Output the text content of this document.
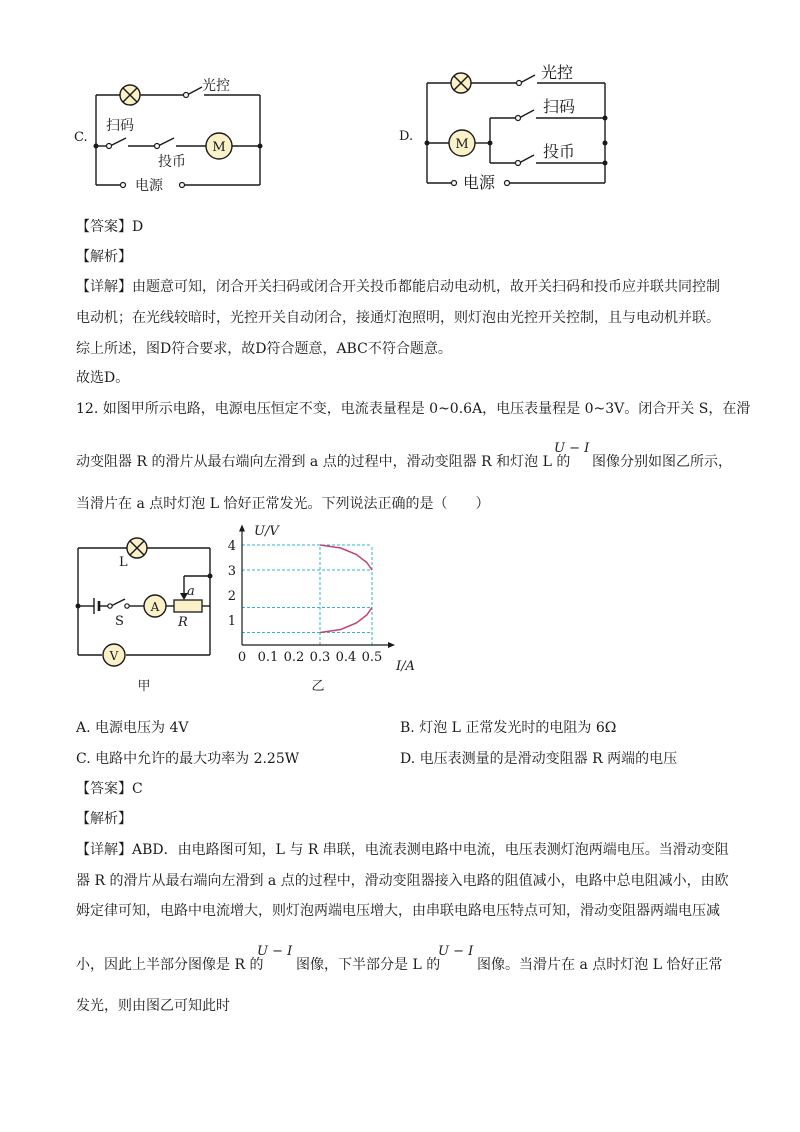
M
C.
光控
扫码
投币
电源
M
D.
光控
扫码
投币
电源
【答案】D
【解析】
【详解】由题意可知，闭合开关扫码或闭合开关投币都能启动电动机，故开关扫码和投币应并联共同控制
电动机；在光线较暗时，光控开关自动闭合，接通灯泡照明，则灯泡由光控开关控制，且与电动机并联。
综上所述，图D符合要求，故D符合题意，ABC不符合题意。
故选D。
12. 如图甲所示电路，电源电压恒定不变，电流表量程是 0~0.6A，电压表量程是 0~3V。闭合开关 S，在滑
动变阻器 R 的滑片从最右端向左滑到 a 点的过程中，滑动变阻器 R 和灯泡 L 的
U − I
图像分别如图乙所示，
当滑片在 a 点时灯泡 L 恰好正常发光。下列说法正确的是（　　）
A
V
L
S	R
a
甲
U/V
I/A
乙
0 0.1 0.2 0.3 0.4 0.5
1
2
3
4
A. 电源电压为 4V	B. 灯泡 L 正常发光时的电阻为 6Ω
C. 电路中允许的最大功率为 2.25W	D. 电压表测量的是滑动变阻器 R 两端的电压
【答案】C
【解析】
【详解】ABD．由电路图可知，L 与 R 串联，电流表测电路中电流，电压表测灯泡两端电压。当滑动变阻
器 R 的滑片从最右端向左滑到 a 点的过程中，滑动变阻器接入电路的阻值减小，电路中总电阻减小，由欧
姆定律可知，电路中电流增大，则灯泡两端电压增大，由串联电路电压特点可知，滑动变阻器两端电压减
小，因此上半部分图像是 R 的
U − I
图像，下半部分是 L 的
U − I
图像。当滑片在 a 点时灯泡 L 恰好正常
发光，则由图乙可知此时
